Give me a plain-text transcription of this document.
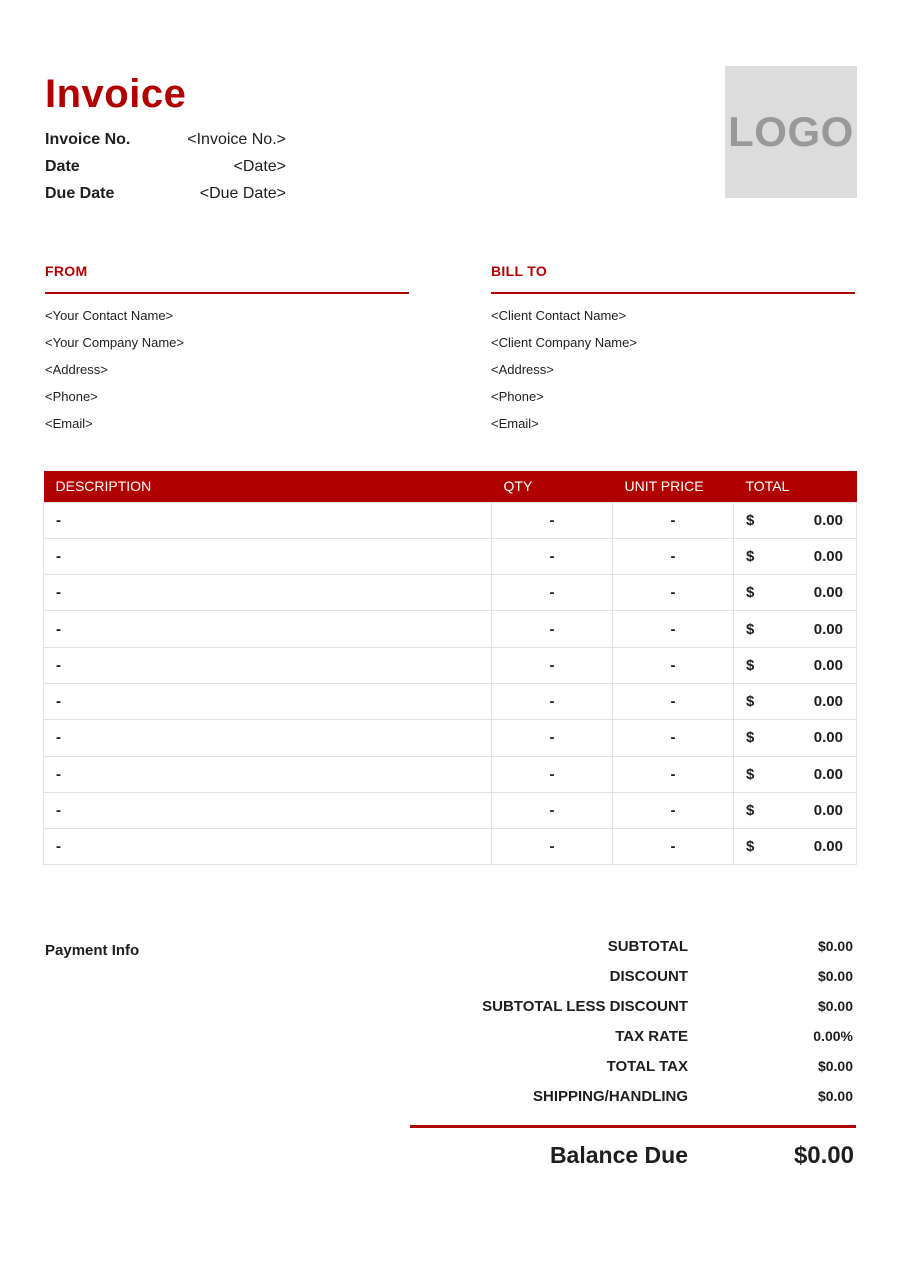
Invoice
Invoice No.	<Invoice No.>
Date	<Date>
Due Date	<Due Date>
LOGO
FROM
<Your Contact Name>
<Your Company Name>
<Address>
<Phone>
<Email>
BILL TO
<Client Contact Name>
<Client Company Name>
<Address>
<Phone>
<Email>
DESCRIPTION	QTY	UNIT PRICE	TOTAL
-	-	-	$ 0.00

-	-	-	$ 0.00

-	-	-	$ 0.00

-	-	-	$ 0.00

-	-	-	$ 0.00

-	-	-	$ 0.00

-	-	-	$ 0.00

-	-	-	$ 0.00

-	-	-	$ 0.00

-	-	-	$ 0.00
Payment Info	SUBTOTAL	$0.00
DISCOUNT	$0.00
SUBTOTAL LESS DISCOUNT	$0.00
TAX RATE	0.00%
TOTAL TAX	$0.00
SHIPPING/HANDLING	$0.00
Balance Due	$0.00
